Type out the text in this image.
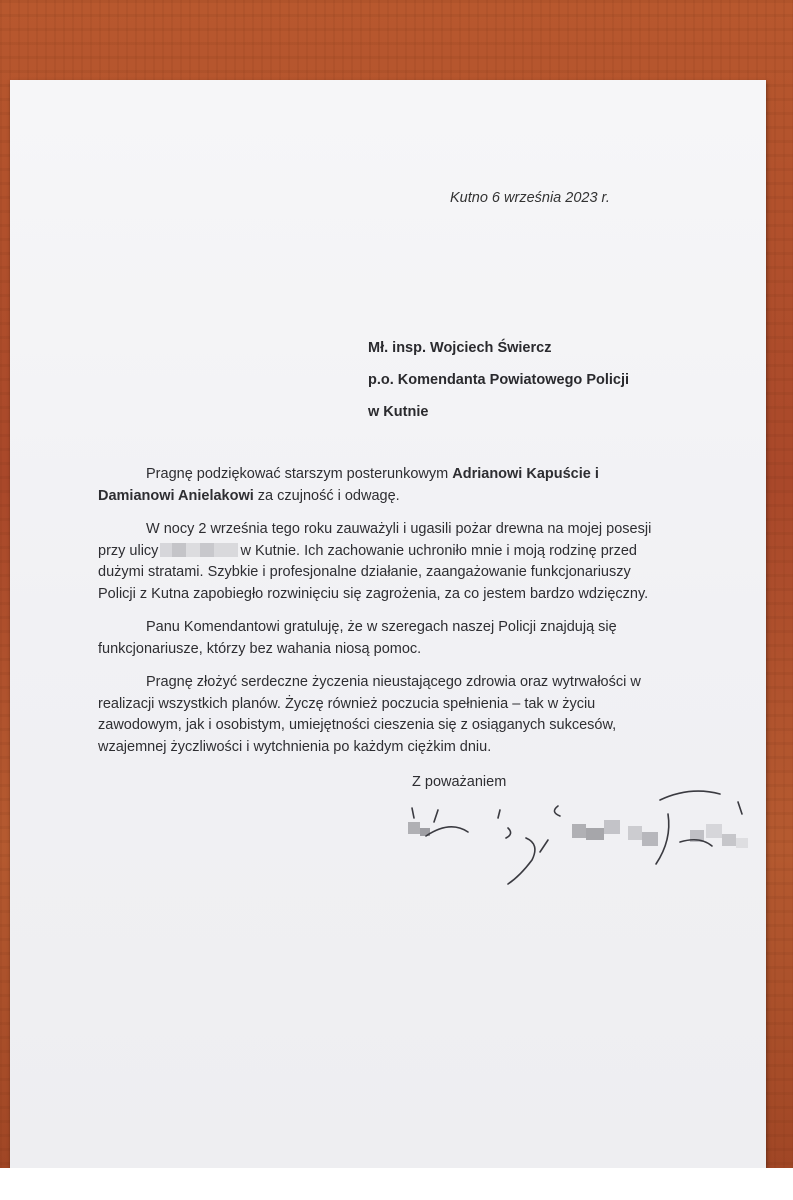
Kutno 6 września 2023 r.
Mł. insp. Wojciech Świercz
p.o. Komendanta Powiatowego Policji
w Kutnie

Pragnę podziękować starszym posterunkowym Adrianowi Kapuście i Damianowi Anielakowi za czujność i odwagę.

W nocy 2 września tego roku zauważyli i ugasili pożar drewna na mojej posesji przy ulicy	w Kutnie. Ich zachowanie uchroniło mnie i moją rodzinę przed dużymi stratami. Szybkie i profesjonalne działanie, zaangażowanie funkcjonariuszy Policji z Kutna zapobiegło rozwinięciu się zagrożenia, za co jestem bardzo wdzięczny.

Panu Komendantowi gratuluję, że w szeregach naszej Policji znajdują się funkcjonariusze, którzy bez wahania niosą pomoc.

Pragnę złożyć serdeczne życzenia nieustającego zdrowia oraz wytrwałości w realizacji wszystkich planów. Życzę również poczucia spełnienia – tak w życiu zawodowym, jak i osobistym, umiejętności cieszenia się z osiąganych sukcesów, wzajemnej życzliwości i wytchnienia po każdym ciężkim dniu.

Z poważaniem
